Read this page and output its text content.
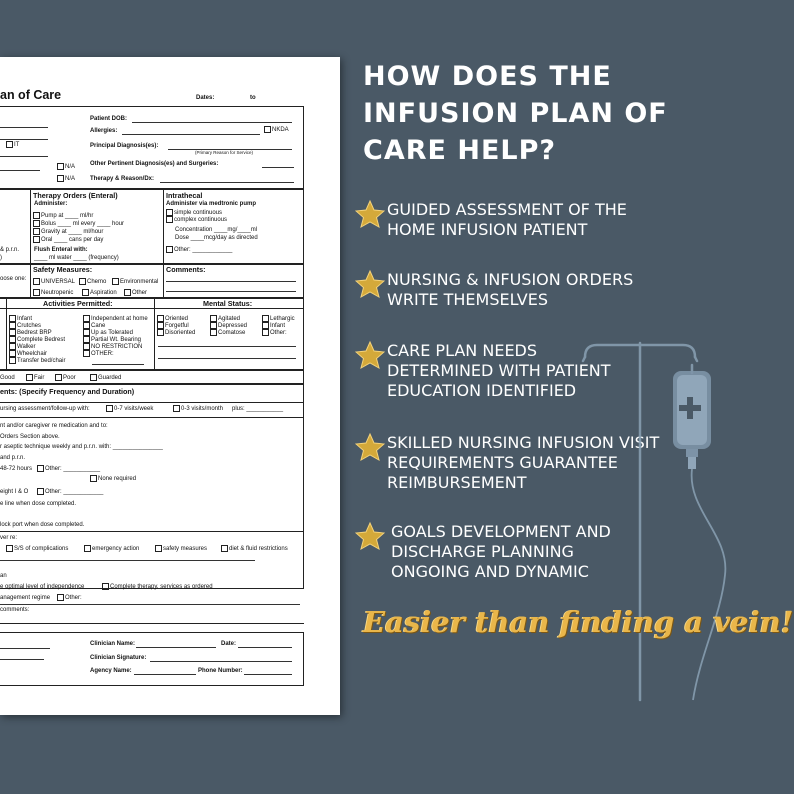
an of Care	Dates:	to
Patient DOB:
Allergies:	NKDA
IT	Principal Diagnosis(es):
(Primary Reason for Service)
N/A
Other Pertinent Diagnosis(es) and Surgeries:
N/A Therapy & Reason/Dx:
Therapy Orders (Enteral)
Administer:
Pump at ____ ml/hr
Bolus ____ ml every ____ hour
Gravity at ____ ml/hour
Oral ____ cans per day
Flush Enteral with:
____ ml water ____ (frequency)
& p.r.n.
)
Intrathecal
Administer via medtronic pump
simple continuous
complex continuous
Concentration ____mg/____ml
Dose ____mcg/day as directed
Other: ____________
oose one:
Safety Measures:
UNIVERSAL	Chemo	Environmental
Neutropenic	Aspiration	Other
Comments:
Activities Permitted:	Mental Status:
Infant
Crutches
Bedrest BRP
Complete Bedrest
Walker
Wheelchair
Transfer bed/chair
Independent at home
Cane
Up as Tolerated
Partial Wt. Bearing
NO RESTRICTION
OTHER:
Oriented
Forgetful
Disoriented
Agitated
Depressed
Comatose
Lethargic
Infant
Other:
Good	Fair	Poor	Guarded
ents: (Specify Frequency and Duration)
ursing assessment/follow-up with:	0-7 visits/week	0-3 visits/month plus: ___________
nt and/or caregiver re medication and to:
Orders Section above.
r aseptic technique weekly and p.r.n. with: _______________
and p.r.n.
48-72 hours	Other: ___________
None required
eight I & O	Other: ____________
e line when dose completed.
lock port when dose completed.
ver re:
S/S of complications	emergency action	safety measures	diet & fluid restrictions
an
e optimal level of independence	Complete therapy, services as ordered
anagement regime	Other:
comments:
Clinician Name:	Date:
Clinician Signature:
Agency Name:	Phone Number:
HOW DOES THE INFUSION PLAN OF CARE HELP?
GUIDED ASSESSMENT OF THE
HOME INFUSION PATIENT
NURSING & INFUSION ORDERS
WRITE THEMSELVES
CARE PLAN NEEDS
DETERMINED WITH PATIENT
EDUCATION IDENTIFIED
SKILLED NURSING INFUSION VISIT
REQUIREMENTS GUARANTEE
REIMBURSEMENT
GOALS DEVELOPMENT AND
DISCHARGE PLANNING
ONGOING AND DYNAMIC
Easier than finding a vein!
